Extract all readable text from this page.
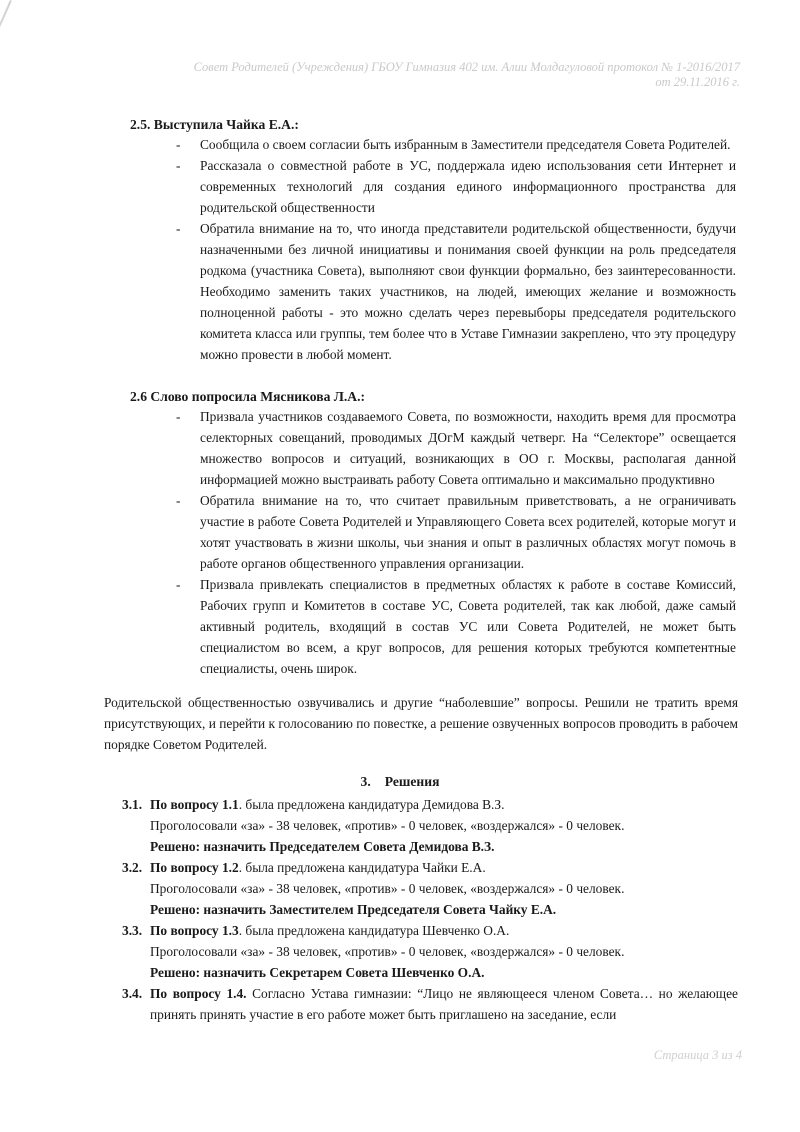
Совет Родителей (Учреждения) ГБОУ Гимназия 402 им. Алии Молдагуловой протокол № 1-2016/2017
от 29.11.2016 г.
2.5. Выступила Чайка Е.А.:
-	Сообщила о своем согласии быть избранным в Заместители председателя Совета Родителей.
-	Рассказала о совместной работе в УС, поддержала идею использования сети Интернет и современных технологий для создания единого информационного пространства для родительской общественности
-	Обратила внимание на то, что иногда представители родительской общественности, будучи назначенными без личной инициативы и понимания своей функции на роль председателя родкома (участника Совета), выполняют свои функции формально, без заинтересованности. Необходимо заменить таких участников, на людей, имеющих желание и возможность полноценной работы - это можно сделать через перевыборы председателя родительского комитета класса или группы, тем более что в Уставе Гимназии закреплено, что эту процедуру можно провести в любой момент.
2.6 Слово попросила Мясникова Л.А.:
-	Призвала участников создаваемого Совета, по возможности, находить время для просмотра селекторных совещаний, проводимых ДОгМ каждый четверг. На “Селекторе” освещается множество вопросов и ситуаций, возникающих в ОО г. Москвы, располагая данной информацией можно выстраивать работу Совета оптимально и максимально продуктивно
-	Обратила внимание на то, что считает правильным приветствовать, а не ограничивать участие в работе Совета Родителей и Управляющего Совета всех родителей, которые могут и хотят участвовать в жизни школы, чьи знания и опыт в различных областях могут помочь в работе органов общественного управления организации.
-	Призвала привлекать специалистов в предметных областях к работе в составе Комиссий, Рабочих групп и Комитетов в составе УС, Совета родителей, так как любой, даже самый активный родитель, входящий в состав УС или Совета Родителей, не может быть специалистом во всем, а круг вопросов, для решения которых требуются компетентные специалисты, очень широк.
Родительской общественностью озвучивались и другие “наболевшие” вопросы. Решили не тратить время присутствующих, и перейти к голосованию по повестке, а решение озвученных вопросов проводить в рабочем порядке Советом Родителей.
3. Решения
3.1. По вопросу 1.1. была предложена кандидатура Демидова В.З.
Проголосовали «за» - 38 человек, «против» - 0 человек, «воздержался» - 0 человек.
Решено: назначить Председателем Совета Демидова В.З.
3.2. По вопросу 1.2. была предложена кандидатура Чайки Е.А.
Проголосовали «за» - 38 человек, «против» - 0 человек, «воздержался» - 0 человек.
Решено: назначить Заместителем Председателя Совета Чайку Е.А.
3.3. По вопросу 1.3. была предложена кандидатура Шевченко О.А.
Проголосовали «за» - 38 человек, «против» - 0 человек, «воздержался» - 0 человек.
Решено: назначить Секретарем Совета Шевченко О.А.
3.4. По вопросу 1.4. Согласно Устава гимназии: “Лицо не являющееся членом Совета… но желающее принять принять участие в его работе может быть приглашено на заседание, если
Страница 3 из 4
